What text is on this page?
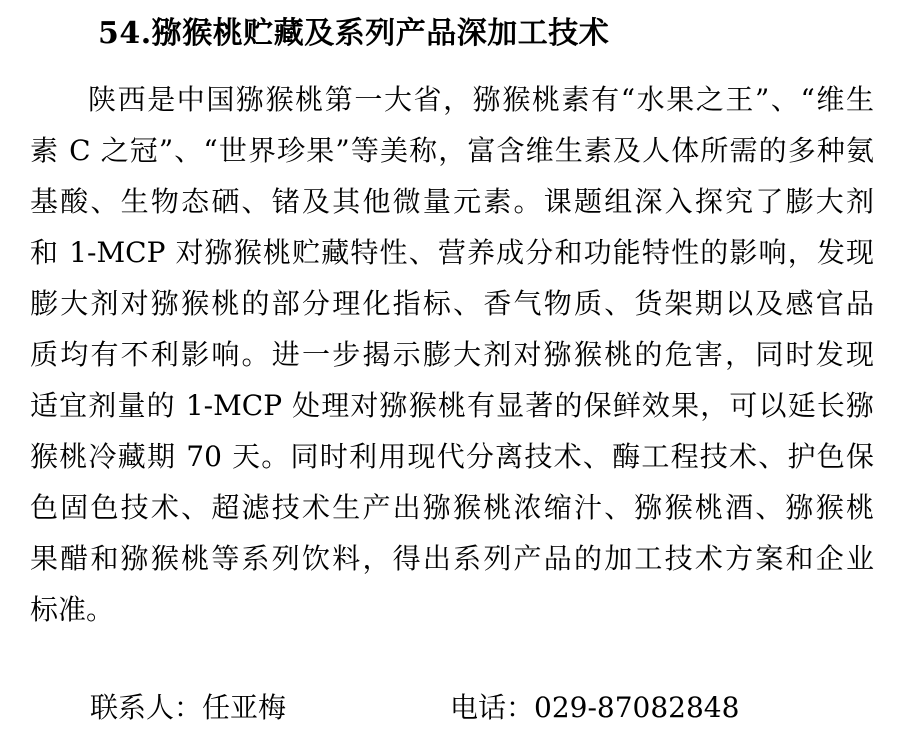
54.猕猴桃贮藏及系列产品深加工技术
陕西是中国猕猴桃第一大省，猕猴桃素有“水果之王”、“维生
素 C 之冠”、“世界珍果”等美称，富含维生素及人体所需的多种氨
基酸、生物态硒、锗及其他微量元素。课题组深入探究了膨大剂
和 1-MCP 对猕猴桃贮藏特性、营养成分和功能特性的影响，发现
膨大剂对猕猴桃的部分理化指标、香气物质、货架期以及感官品
质均有不利影响。进一步揭示膨大剂对猕猴桃的危害，同时发现
适宜剂量的 1-MCP 处理对猕猴桃有显著的保鲜效果，可以延长猕
猴桃冷藏期 70 天。同时利用现代分离技术、酶工程技术、护色保
色固色技术、超滤技术生产出猕猴桃浓缩汁、猕猴桃酒、猕猴桃
果醋和猕猴桃等系列饮料，得出系列产品的加工技术方案和企业
标准。
联系人：任亚梅	电话：029-87082848
